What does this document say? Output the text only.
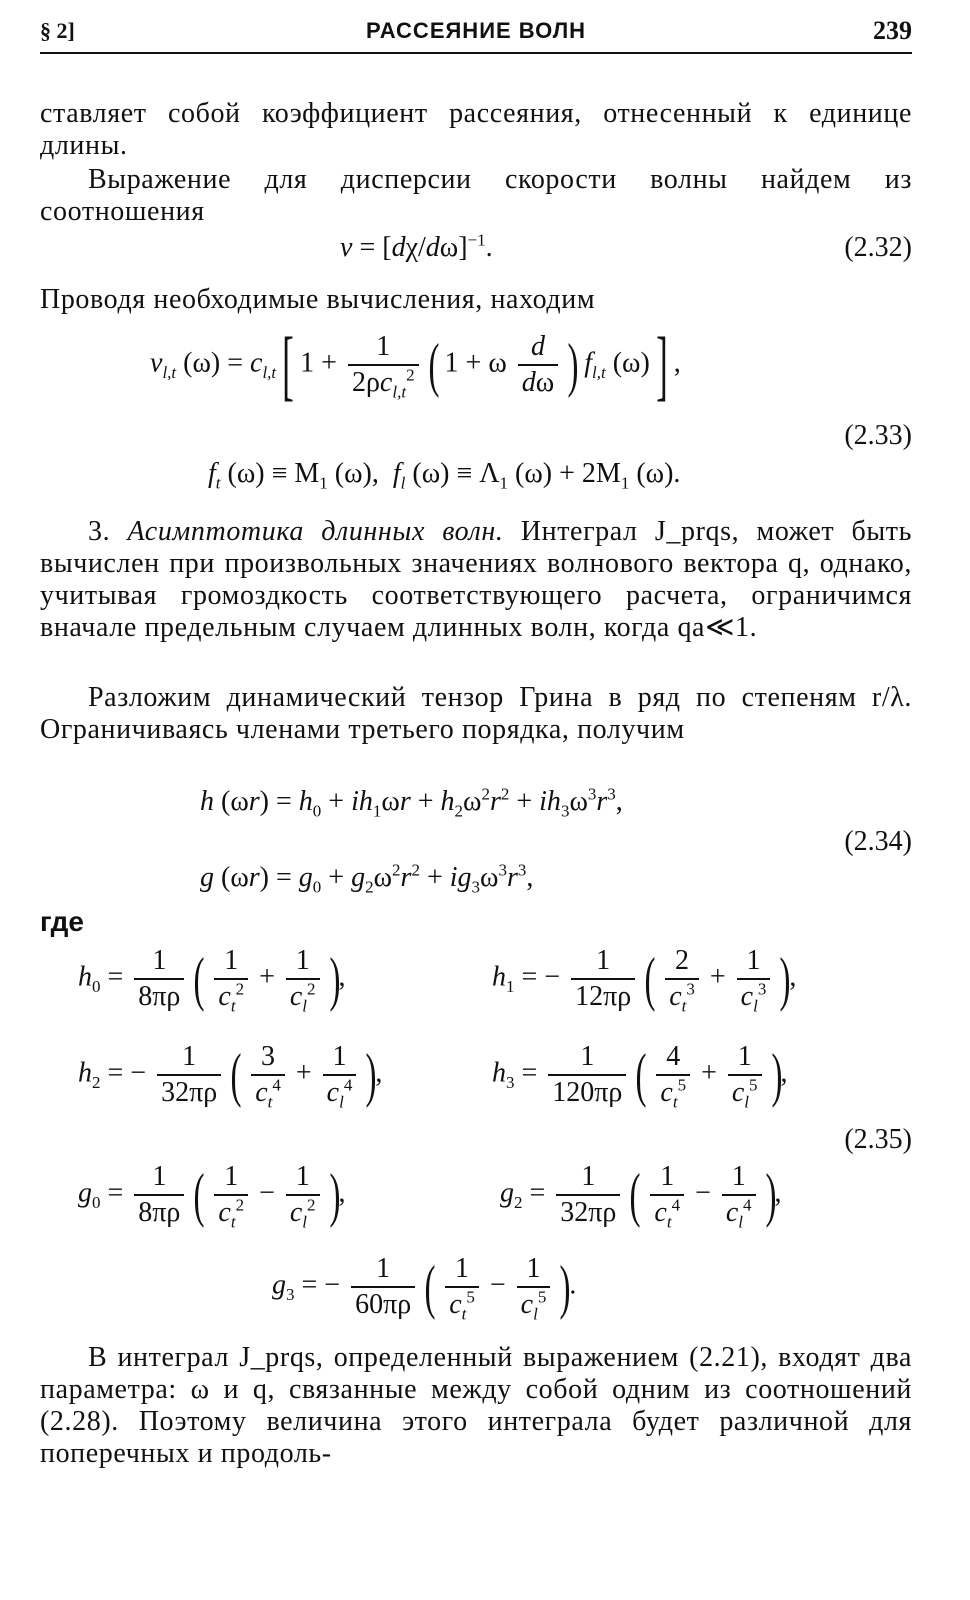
§ 2]	РАССЕЯНИЕ ВОЛН	239
ставляет собой коэффициент рассеяния, отнесенный к единице длины.
Выражение для дисперсии скорости волны найдем из соотношения
$v = [d\chi/d\omega]^{-1}$.	(2.32)
Проводя необходимые вычисления, находим
$v_{l,t}$ $(\omega) = c_{l,t}$ [ $1 + \frac{1}{2\rho c_{l,t}^2}$ ( 1 + ω $\frac{d}{d\omega}$ ) $f_{l,t}$ (ω) ] ,
(2.33)
$f_t$ $(\omega) \equiv M_1$ (ω),  $f_l$ $(\omega) \equiv \Lambda_1$ $(\omega) + 2M_1$ (ω).
3. Асимптотика длинных волн. Интеграл J_prqs, может быть вычислен при произвольных значениях волнового вектора q, однако, учитывая громоздкость соответствующего расчета, ограничимся вначале предельным случаем длинных волн, когда qa≪1.
Разложим динамический тензор Грина в ряд по степеням r/λ. Ограничиваясь членами третьего порядка, получим
h $(\omega r) = h_0 + ih_1\omega r + h_2\omega^2r^2 + ih_3\omega^3r^3$,
(2.34)
g $(\omega r) = g_0 + g_2\omega^2r^2 + ig_3\omega^3r^3$,
где
$h_0 = \frac{1}{8\pi\rho}$ ( $\frac{1}{c_t^2} + \frac{1}{c_l^2}$ ),	$h_1$ = − $\frac{1}{12\pi\rho}$ ( $\frac{2}{c_t^3} + \frac{1}{c_l^3}$ ),
$h_2$ = − $\frac{1}{32\pi\rho}$ ( $\frac{3}{c_t^4} + \frac{1}{c_l^4}$ ),	$h_3 = \frac{1}{120\pi\rho}$ ( $\frac{4}{c_t^5} + \frac{1}{c_l^5}$ ),
(2.35)
$g_0 = \frac{1}{8\pi\rho}$ ( $\frac{1}{c_t^2} - \frac{1}{c_l^2}$ ),	$g_2 = \frac{1}{32\pi\rho}$ ( $\frac{1}{c_t^4} - \frac{1}{c_l^4}$ ),
$g_3$ = − $\frac{1}{60\pi\rho}$ ( $\frac{1}{c_t^5} - \frac{1}{c_l^5}$ ).
В интеграл J_prqs, определенный выражением (2.21), входят два параметра: ω и q, связанные между собой одним из соотношений (2.28). Поэтому величина этого интеграла будет различной для поперечных и продоль-
